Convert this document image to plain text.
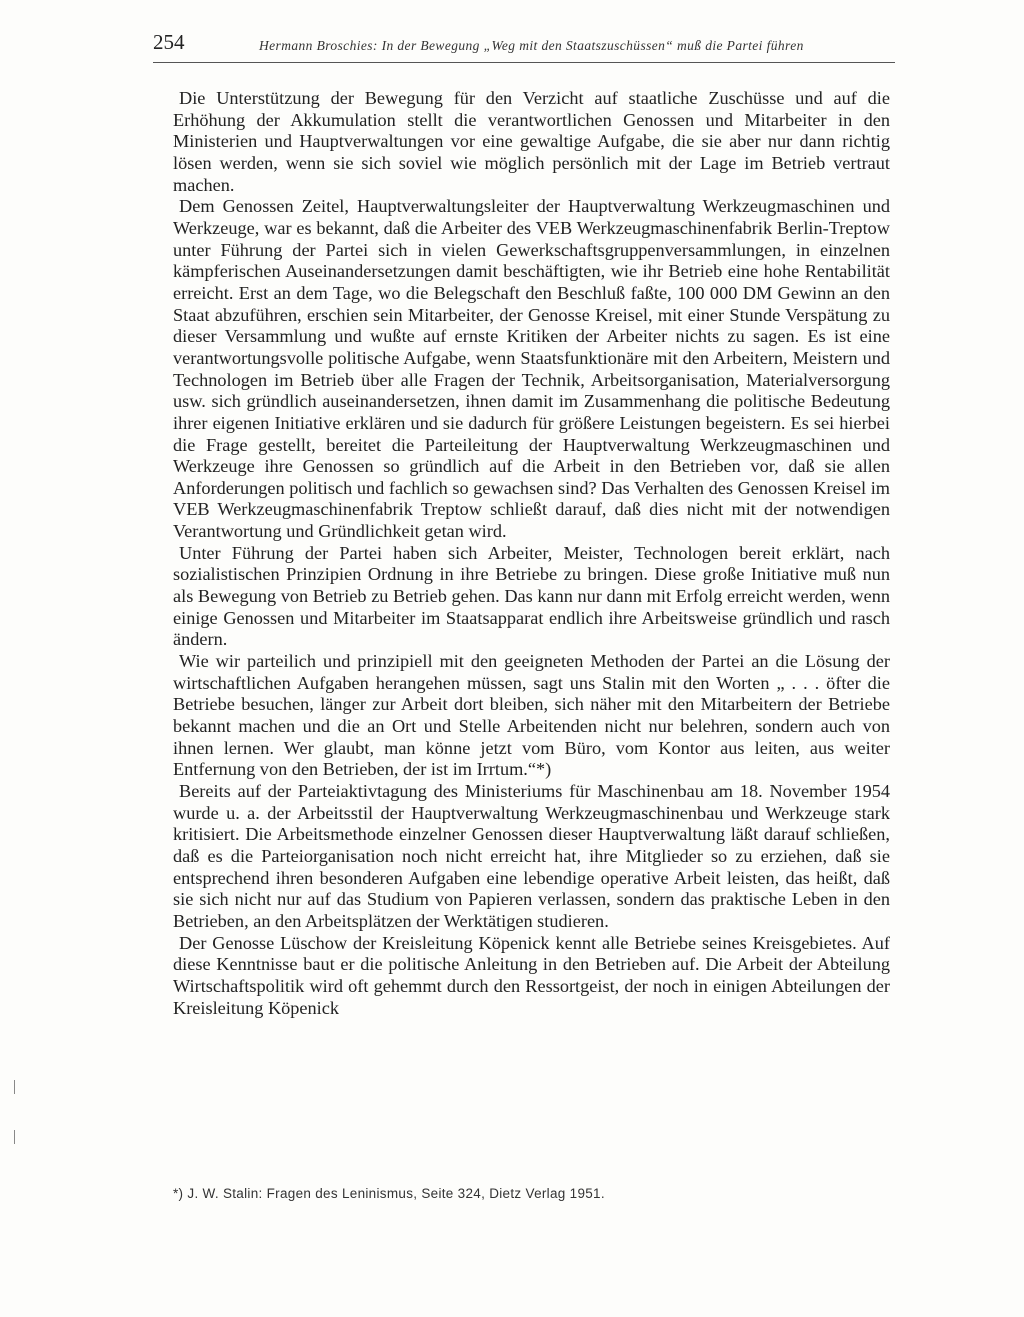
254	Hermann Broschies: In der Bewegung „Weg mit den Staatszuschüssen“ muß die Partei führen

Die Unterstützung der Bewegung für den Verzicht auf staatliche Zuschüsse und auf die Erhöhung der Akkumulation stellt die verantwortlichen Genossen und Mitarbeiter in den Ministerien und Hauptverwaltungen vor eine gewaltige Aufgabe, die sie aber nur dann richtig lösen werden, wenn sie sich soviel wie möglich persönlich mit der Lage im Betrieb vertraut machen.

Dem Genossen Zeitel, Hauptverwaltungsleiter der Hauptverwaltung Werkzeugmaschinen und Werkzeuge, war es bekannt, daß die Arbeiter des VEB Werkzeugmaschinenfabrik Berlin-Treptow unter Führung der Partei sich in vielen Gewerkschaftsgruppenversammlungen, in einzelnen kämpferischen Auseinandersetzungen damit beschäftigten, wie ihr Betrieb eine hohe Rentabilität erreicht. Erst an dem Tage, wo die Belegschaft den Beschluß faßte, 100 000 DM Gewinn an den Staat abzuführen, erschien sein Mitarbeiter, der Genosse Kreisel, mit einer Stunde Verspätung zu dieser Versammlung und wußte auf ernste Kritiken der Arbeiter nichts zu sagen. Es ist eine verantwortungsvolle politische Aufgabe, wenn Staatsfunktionäre mit den Arbeitern, Meistern und Technologen im Betrieb über alle Fragen der Technik, Arbeitsorganisation, Materialversorgung usw. sich gründlich auseinandersetzen, ihnen damit im Zusammenhang die politische Bedeutung ihrer eigenen Initiative erklären und sie dadurch für größere Leistungen begeistern. Es sei hierbei die Frage gestellt, bereitet die Parteileitung der Hauptverwaltung Werkzeugmaschinen und Werkzeuge ihre Genossen so gründlich auf die Arbeit in den Betrieben vor, daß sie allen Anforderungen politisch und fachlich so gewachsen sind? Das Verhalten des Genossen Kreisel im VEB Werkzeugmaschinenfabrik Treptow schließt darauf, daß dies nicht mit der notwendigen Verantwortung und Gründlichkeit getan wird.

Unter Führung der Partei haben sich Arbeiter, Meister, Technologen bereit erklärt, nach sozialistischen Prinzipien Ordnung in ihre Betriebe zu bringen. Diese große Initiative muß nun als Bewegung von Betrieb zu Betrieb gehen. Das kann nur dann mit Erfolg erreicht werden, wenn einige Genossen und Mitarbeiter im Staatsapparat endlich ihre Arbeitsweise gründlich und rasch ändern.

Wie wir parteilich und prinzipiell mit den geeigneten Methoden der Partei an die Lösung der wirtschaftlichen Aufgaben herangehen müssen, sagt uns Stalin mit den Worten „ . . . öfter die Betriebe besuchen, länger zur Arbeit dort bleiben, sich näher mit den Mitarbeitern der Betriebe bekannt machen und die an Ort und Stelle Arbeitenden nicht nur belehren, sondern auch von ihnen lernen. Wer glaubt, man könne jetzt vom Büro, vom Kontor aus leiten, aus weiter Entfernung von den Betrieben, der ist im Irrtum.“*)

Bereits auf der Parteiaktivtagung des Ministeriums für Maschinenbau am 18. November 1954 wurde u. a. der Arbeitsstil der Hauptverwaltung Werkzeugmaschinenbau und Werkzeuge stark kritisiert. Die Arbeitsmethode einzelner Genossen dieser Hauptverwaltung läßt darauf schließen, daß es die Parteiorganisation noch nicht erreicht hat, ihre Mitglieder so zu erziehen, daß sie entsprechend ihren besonderen Aufgaben eine lebendige operative Arbeit leisten, das heißt, daß sie sich nicht nur auf das Studium von Papieren verlassen, sondern das praktische Leben in den Betrieben, an den Arbeitsplätzen der Werktätigen studieren.

Der Genosse Lüschow der Kreisleitung Köpenick kennt alle Betriebe seines Kreisgebietes. Auf diese Kenntnisse baut er die politische Anleitung in den Betrieben auf. Die Arbeit der Abteilung Wirtschaftspolitik wird oft gehemmt durch den Ressortgeist, der noch in einigen Abteilungen der Kreisleitung Köpenick

*) J. W. Stalin: Fragen des Leninismus, Seite 324, Dietz Verlag 1951.
